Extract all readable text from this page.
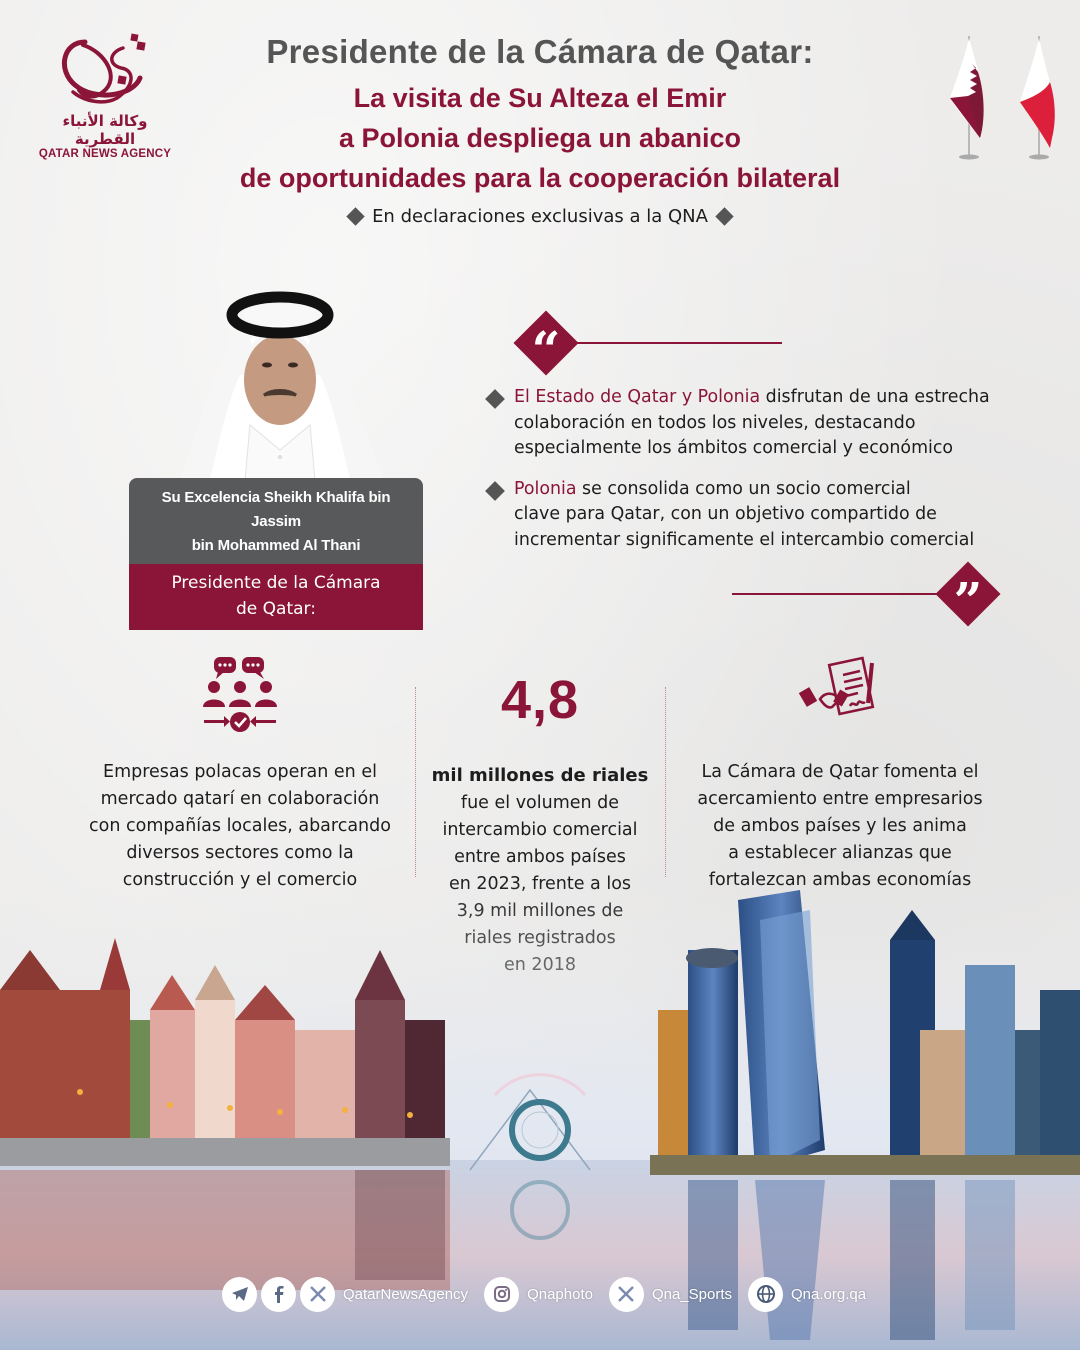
وكالة الأنباء القطرية
QATAR NEWS AGENCY
Presidente de la Cámara de Qatar:
La visita de Su Alteza el Emir
a Polonia despliega un abanico
de oportunidades para la cooperación bilateral
En declaraciones exclusivas a la QNA
Su Excelencia Sheikh Khalifa bin Jassim
bin Mohammed Al Thani
Presidente de la Cámara
de Qatar:
“
El Estado de Qatar y Polonia disfrutan de una estrecha
colaboración en todos los niveles, destacando
especialmente los ámbitos comercial y económico
Polonia se consolida como un socio comercial
clave para Qatar, con un objetivo compartido de
incrementar significamente el intercambio comercial
”
Empresas polacas operan en el
mercado qatarí en colaboración
con compañías locales, abarcando
diversos sectores como la
4,8
mil millones de riales
fue el volumen de
intercambio comercial
entre ambos países
La Cámara de Qatar fomenta el
acercamiento entre empresarios
de ambos países y les anima
a establecer alianzas que
QatarNewsAgency	Qnaphoto	Qna_Sports	Qna.org.qa
